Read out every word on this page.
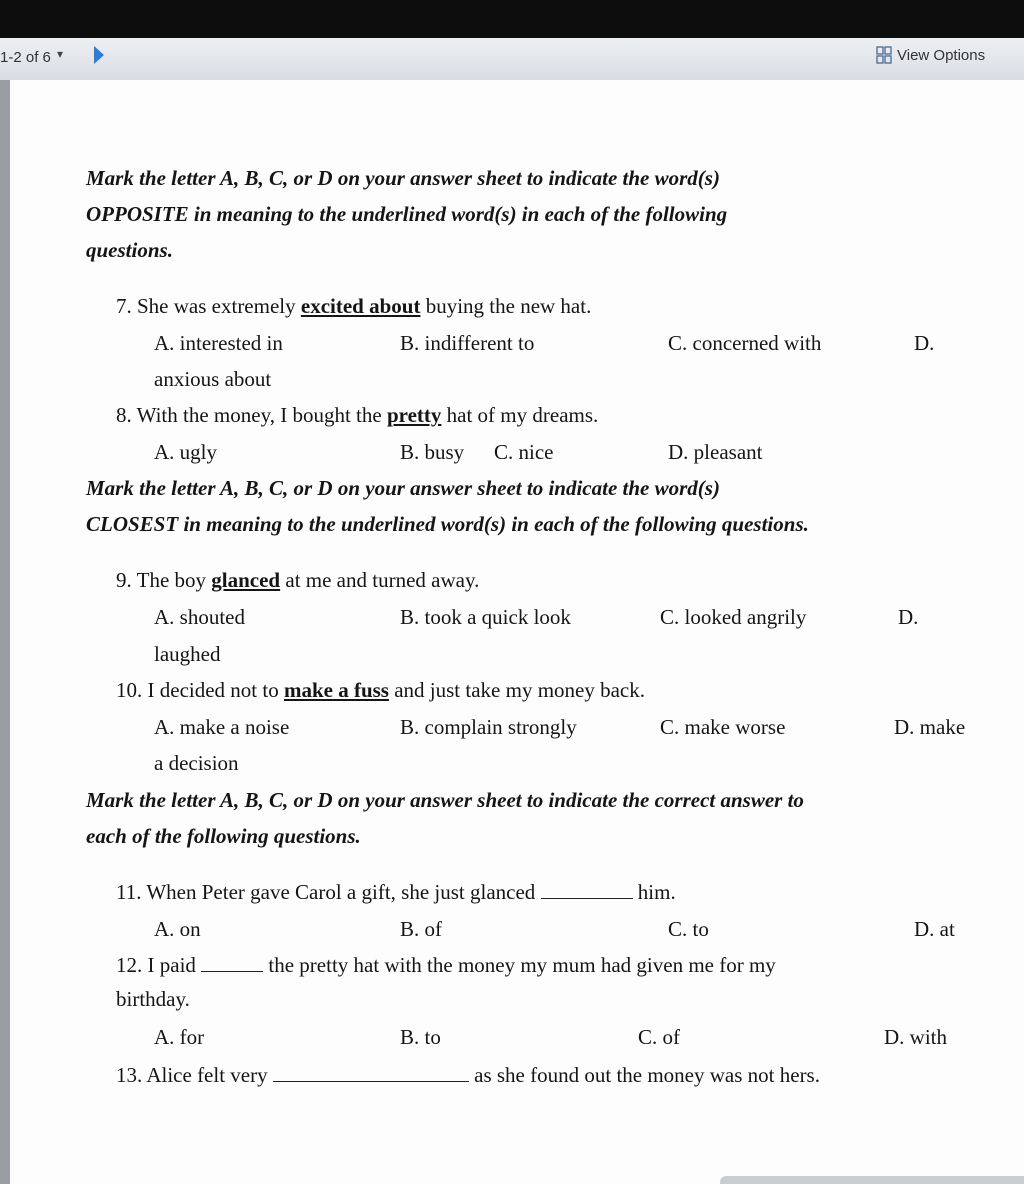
1-2 of 6 ▾	View Options
Mark the letter A, B, C, or D on your answer sheet to indicate the word(s)
OPPOSITE in meaning to the underlined word(s) in each of the following
questions.
7. She was extremely excited about buying the new hat.
A. interested in	B. indifferent to	C. concerned with	D.
anxious about
8. With the money, I bought the pretty hat of my dreams.
A. ugly	B. busy C. nice	D. pleasant
Mark the letter A, B, C, or D on your answer sheet to indicate the word(s)
CLOSEST in meaning to the underlined word(s) in each of the following questions.
9. The boy glanced at me and turned away.
A. shouted	B. took a quick look	C. looked angrily	D.
laughed
10. I decided not to make a fuss and just take my money back.
A. make a noise	B. complain strongly	C. make worse	D. make
a decision
Mark the letter A, B, C, or D on your answer sheet to indicate the correct answer to
each of the following questions.
11. When Peter gave Carol a gift, she just glanced	him.
A. on	B. of	C. to	D. at
12. I paid	the pretty hat with the money my mum had given me for my
birthday.
A. for	B. to	C. of	D. with
13. Alice felt very	as she found out the money was not hers.
